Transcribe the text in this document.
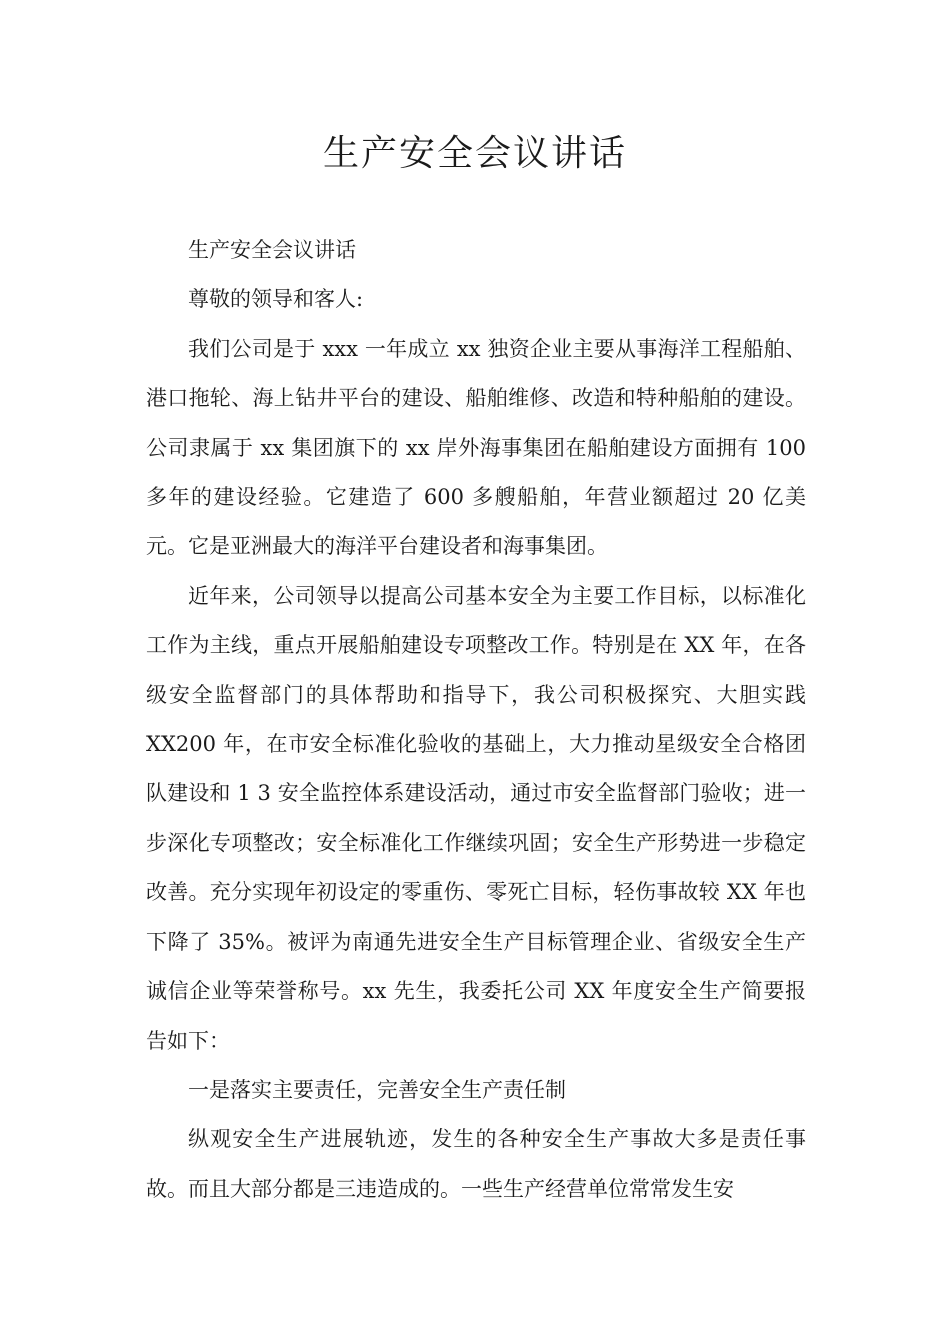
生产安全会议讲话

生产安全会议讲话

尊敬的领导和客人:

我们公司是于 xxx 一年成立 xx 独资企业主要从事海洋工程船舶、港口拖轮、海上钻井平台的建设、船舶维修、改造和特种船舶的建设。公司隶属于 xx 集团旗下的 xx 岸外海事集团在船舶建设方面拥有 100 多年的建设经验。它建造了 600 多艘船舶，年营业额超过 20 亿美元。它是亚洲最大的海洋平台建设者和海事集团。

近年来，公司领导以提高公司基本安全为主要工作目标，以标准化工作为主线，重点开展船舶建设专项整改工作。特别是在 XX 年，在各级安全监督部门的具体帮助和指导下，我公司积极探究、大胆实践 XX200 年，在市安全标准化验收的基础上，大力推动星级安全合格团队建设和 1 3 安全监控体系建设活动，通过市安全监督部门验收；进一步深化专项整改；安全标准化工作继续巩固；安全生产形势进一步稳定改善。充分实现年初设定的零重伤、零死亡目标，轻伤事故较 XX 年也下降了 35%。被评为南通先进安全生产目标管理企业、省级安全生产诚信企业等荣誉称号。xx 先生，我委托公司 XX 年度安全生产简要报告如下：

一是落实主要责任，完善安全生产责任制

纵观安全生产进展轨迹，发生的各种安全生产事故大多是责任事故。而且大部分都是三违造成的。一些生产经营单位常常发生安
